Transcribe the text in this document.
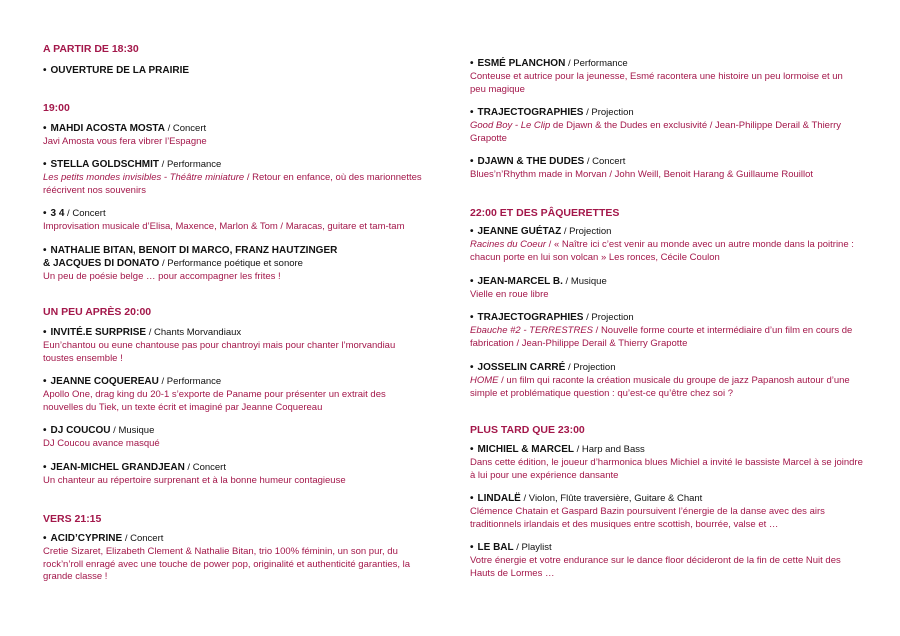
A PARTIR DE 18:30
• OUVERTURE DE LA PRAIRIE
19:00
• MAHDI ACOSTA MOSTA / Concert
Javi Amosta vous fera vibrer l’Espagne
• STELLA GOLDSCHMIT / Performance
Les petits mondes invisibles - Théâtre miniature / Retour en enfance, où des marionnettes réécrivent nos souvenirs
• 3 4 / Concert
Improvisation musicale d’Elisa, Maxence, Marlon & Tom / Maracas, guitare et tam-tam
• NATHALIE BITAN, BENOIT DI MARCO, FRANZ HAUTZINGER
& JACQUES DI DONATO / Performance poétique et sonore
Un peu de poésie belge … pour accompagner les frites !
UN PEU APRÈS 20:00
• INVITÉ.E SURPRISE / Chants Morvandiaux
Eun’chantou ou eune chantouse pas pour chantroyi mais pour chanter l’morvandiau toustes ensemble !
• JEANNE COQUEREAU / Performance
Apollo One, drag king du 20-1 s’exporte de Paname pour présenter un extrait des nouvelles du Tiek, un texte écrit et imaginé par Jeanne Coquereau
• DJ COUCOU / Musique
DJ Coucou avance masqué
• JEAN-MICHEL GRANDJEAN / Concert
Un chanteur au répertoire surprenant et à la bonne humeur contagieuse
VERS 21:15
• ACID’CYPRINE / Concert
Cretie Sizaret, Elizabeth Clement & Nathalie Bitan, trio 100% féminin, un son pur, du rock’n’roll enragé avec une touche de power pop, originalité et authenticité garanties, la grande classe !
• ESMÉ PLANCHON / Performance
Conteuse et autrice pour la jeunesse, Esmé racontera une histoire un peu lormoise et un peu magique
• TRAJECTOGRAPHIES / Projection
Good Boy - Le Clip de Djawn & the Dudes en exclusivité / Jean-Philippe Derail & Thierry Grapotte
• DJAWN & THE DUDES / Concert
Blues’n’Rhythm made in Morvan / John Weill, Benoit Harang & Guillaume Rouillot
22:00 ET DES PÂQUERETTES
• JEANNE GUÉTAZ / Projection
Racines du Coeur / « Naître ici c’est venir au monde avec un autre monde dans la poitrine : chacun porte en lui son volcan » Les ronces, Cécile Coulon
• JEAN-MARCEL B. / Musique
Vielle en roue libre
• TRAJECTOGRAPHIES / Projection
Ebauche #2 - TERRESTRES / Nouvelle forme courte et intermédiaire d’un film en cours de fabrication / Jean-Philippe Derail & Thierry Grapotte
• JOSSELIN CARRÉ / Projection
HOME / un film qui raconte la création musicale du groupe de jazz Papanosh autour d’une simple et problématique question : qu’est-ce qu’être chez soi ?
PLUS TARD QUE 23:00
• MICHIEL & MARCEL / Harp and Bass
Dans cette édition, le joueur d’harmonica blues Michiel a invité le bassiste Marcel à se joindre à lui pour une expérience dansante
• LINDALË / Violon, Flûte traversière, Guitare & Chant
Clémence Chatain et Gaspard Bazin poursuivent l’énergie de la danse avec des airs traditionnels irlandais et des musiques entre scottish, bourrée, valse et …
• LE BAL / Playlist
Votre énergie et votre endurance sur le dance floor décideront de la fin de cette Nuit des Hauts de Lormes …
